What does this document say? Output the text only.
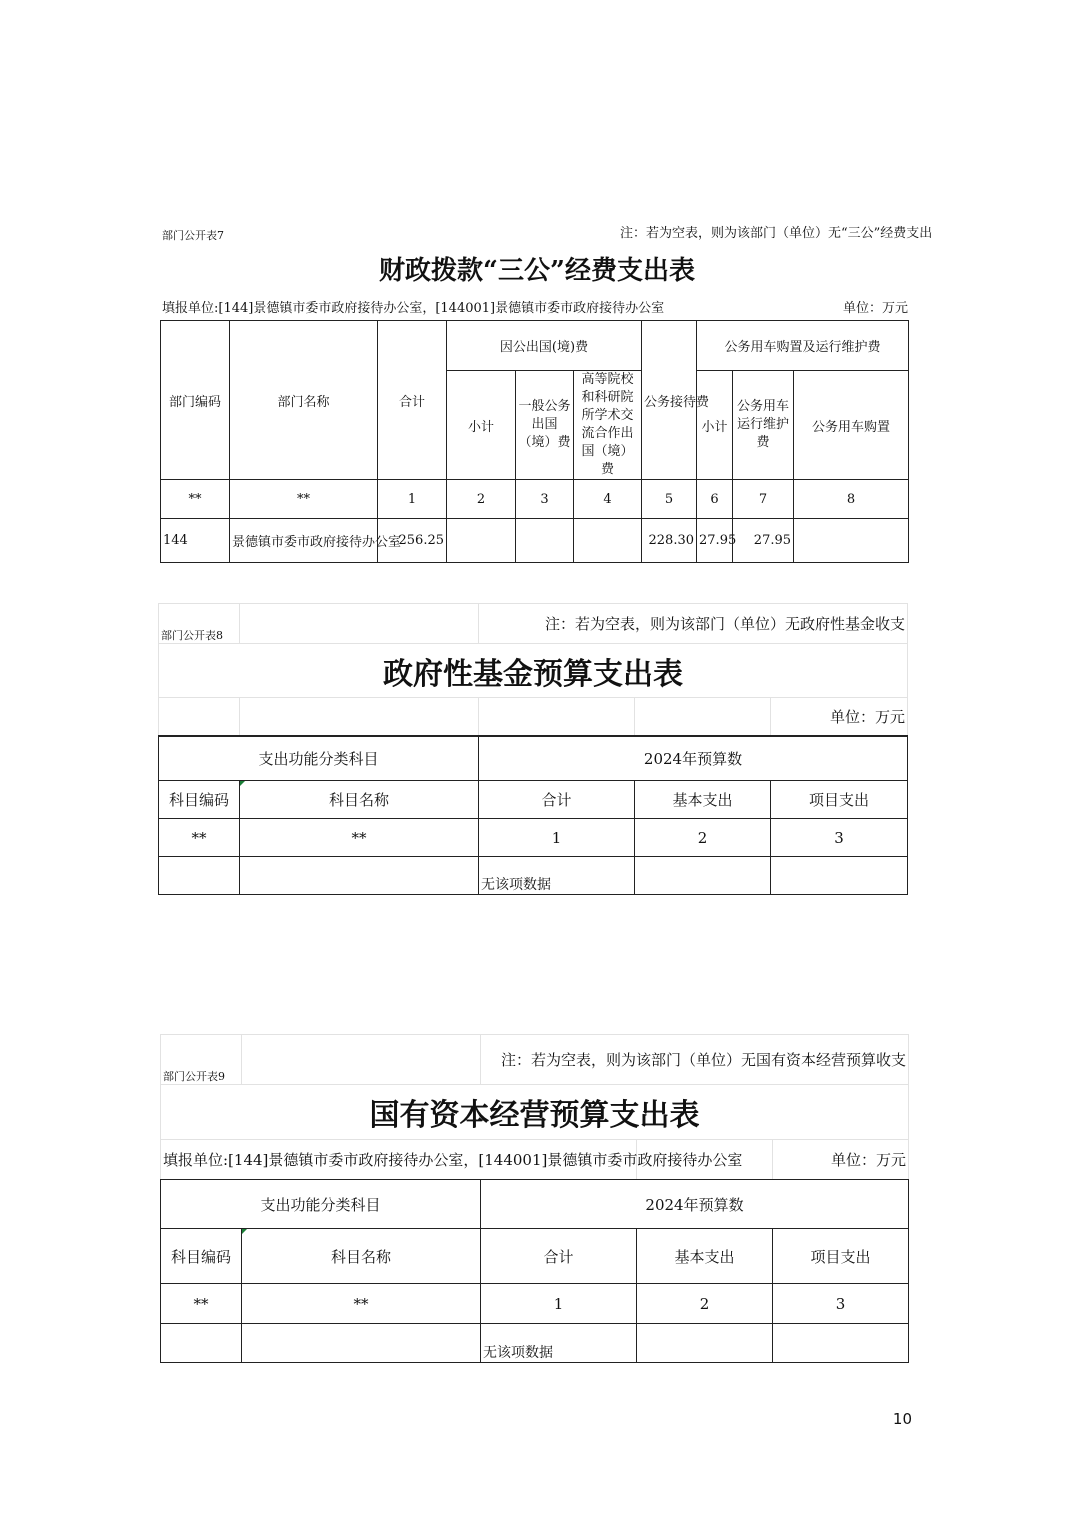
部门公开表7	注：若为空表，则为该部门（单位）无“三公”经费支出
财政拨款“三公”经费支出表
填报单位:[144]景德镇市委市政府接待办公室，[144001]景德镇市委市政府接待办公室	单位：万元
部门编码	部门名称	合计	因公出国(境)费			公务接待费	公务用车购置及运行维护费		
			小计	一般公务出国（境）费	高等院校和科研院所学术交流合作出国（境）费		小计	公务用车运行维护费	公务用车购置
**	**	1	2	3	4	5	6	7	8
144	景德镇市委市政府接待办公室	256.25				228.30	27.95	27.95	
部门公开表8		注：若为空表，则为该部门（单位）无政府性基金收支		
政府性基金预算支出表				
				单位：万元
支出功能分类科目		2024年预算数		
科目编码	科目名称	合计	基本支出	项目支出
**	**	1	2	3
		无该项数据		
部门公开表9		注：若为空表，则为该部门（单位）无国有资本经营预算收支		
国有资本经营预算支出表				
填报单位:[144]景德镇市委市政府接待办公室，[144001]景德镇市委市政府接待办公室				单位：万元
支出功能分类科目		2024年预算数		
科目编码	科目名称	合计	基本支出	项目支出
**	**	1	2	3
		无该项数据		
10
